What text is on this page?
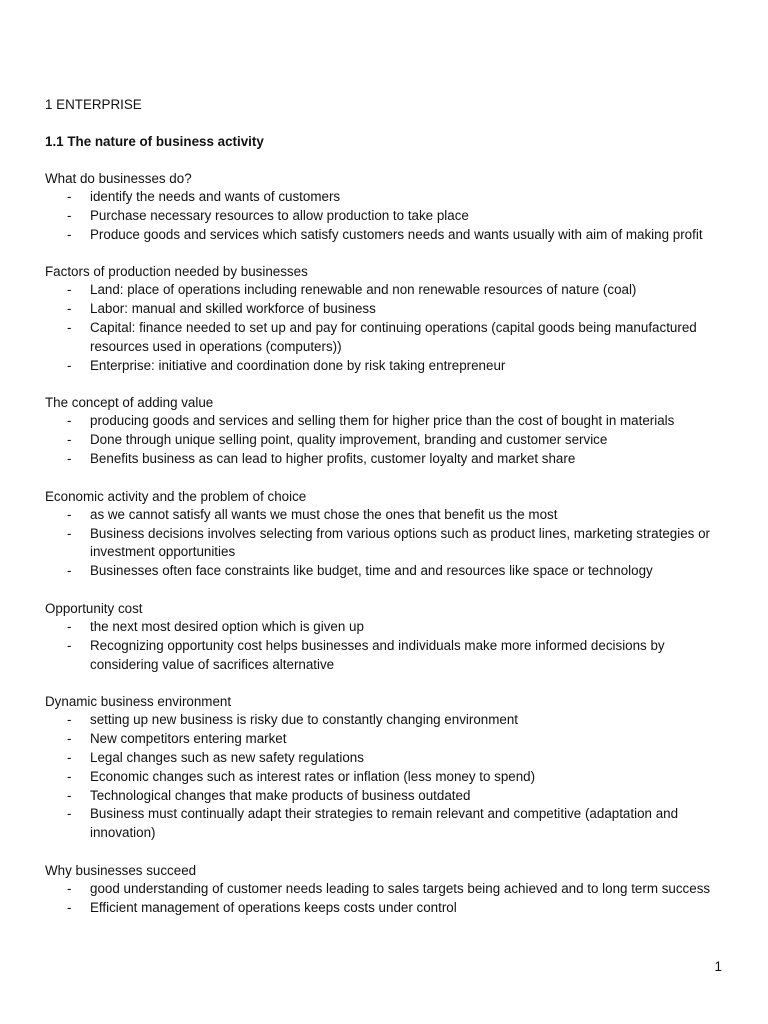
1 ENTERPRISE
1.1 The nature of business activity
What do businesses do?
- identify the needs and wants of customers
- Purchase necessary resources to allow production to take place
- Produce goods and services which satisfy customers needs and wants usually with aim of making profit
Factors of production needed by businesses
- Land: place of operations including renewable and non renewable resources of nature (coal)
- Labor: manual and skilled workforce of business
- Capital: finance needed to set up and pay for continuing operations (capital goods being manufactured resources used in operations (computers))
- Enterprise: initiative and coordination done by risk taking entrepreneur
The concept of adding value
- producing goods and services and selling them for higher price than the cost of bought in materials
- Done through unique selling point, quality improvement, branding and customer service
- Benefits business as can lead to higher profits, customer loyalty and market share
Economic activity and the problem of choice
- as we cannot satisfy all wants we must chose the ones that benefit us the most
- Business decisions involves selecting from various options such as product lines, marketing strategies or investment opportunities
- Businesses often face constraints like budget, time and and resources like space or technology
Opportunity cost
- the next most desired option which is given up
- Recognizing opportunity cost helps businesses and individuals make more informed decisions by considering value of sacrifices alternative
Dynamic business environment
- setting up new business is risky due to constantly changing environment
- New competitors entering market
- Legal changes such as new safety regulations
- Economic changes such as interest rates or inflation (less money to spend)
- Technological changes that make products of business outdated
- Business must continually adapt their strategies to remain relevant and competitive (adaptation and innovation)
Why businesses succeed
- good understanding of customer needs leading to sales targets being achieved and to long term success
- Efficient management of operations keeps costs under control
1
